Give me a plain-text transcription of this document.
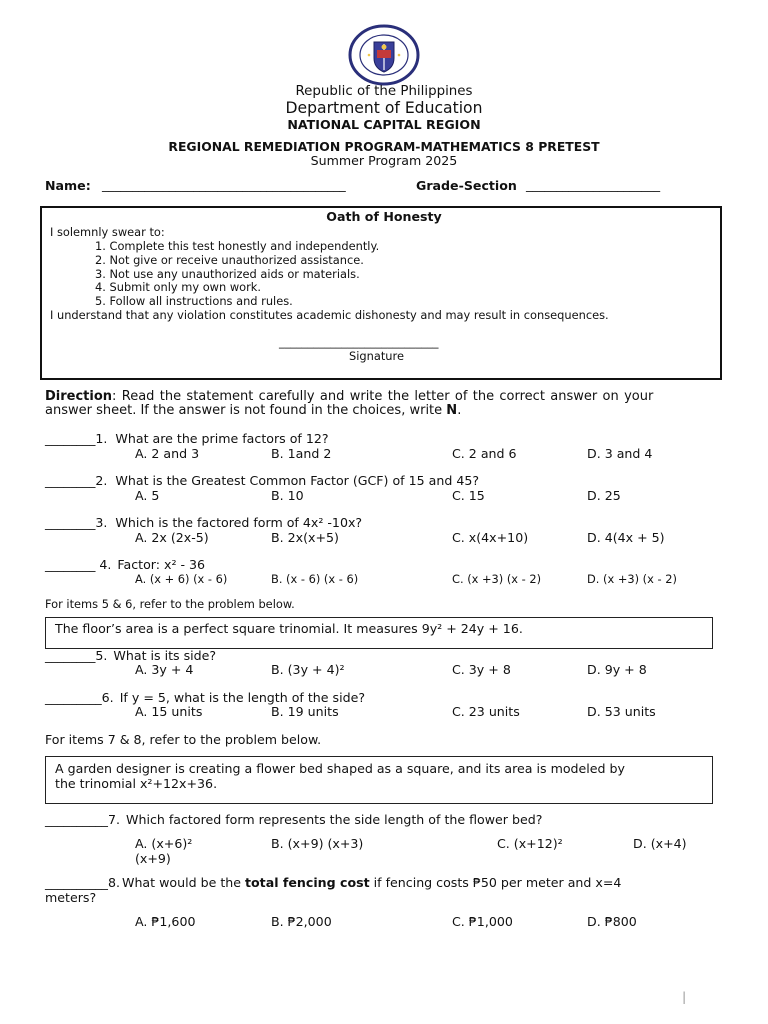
Republic of the Philippines
Department of Education
NATIONAL CAPITAL REGION
REGIONAL REMEDIATION PROGRAM-MATHEMATICS 8 PRETEST
Summer Program 2025
Name: ________________________________________	Grade-Section ______________________
Oath of Honesty
I solemnly swear to:
1. Complete this test honestly and independently.
2. Not give or receive unauthorized assistance.
3. Not use any unauthorized aids or materials.
4. Submit only my own work.
5. Follow all instructions and rules.
I understand that any violation constitutes academic dishonesty and may result in consequences.
____________________________
Signature
Direction: Read the statement carefully and write the letter of the correct answer on your
answer sheet. If the answer is not found in the choices, write N.
________1. What are the prime factors of 12?
A. 2 and 3	B. 1and 2	C. 2 and 6	D. 3 and 4
________2. What is the Greatest Common Factor (GCF) of 15 and 45?
A. 5	B. 10	C. 15	D. 25
________3. Which is the factored form of 4x² -10x?
A. 2x (2x-5)	B. 2x(x+5)	C. x(4x+10)	D. 4(4x + 5)
________ 4. Factor: x² - 36
A. (x + 6) (x - 6)	B. (x - 6) (x - 6)	C. (x +3) (x - 2)	D. (x +3) (x - 2)
For items 5 & 6, refer to the problem below.
The floor’s area is a perfect square trinomial. It measures 9y² + 24y + 16.
________5. What is its side?
A. 3y + 4	B. (3y + 4)²	C. 3y + 8	D. 9y + 8
_________6. If y = 5, what is the length of the side?
A. 15 units	B. 19 units	C. 23 units	D. 53 units
For items 7 & 8, refer to the problem below.
A garden designer is creating a flower bed shaped as a square, and its area is modeled by
the trinomial x²+12x+36.
__________7. Which factored form represents the side length of the flower bed?
A. (x+6)²	B. (x+9) (x+3)	C. (x+12)²	D. (x+4)
(x+9)
__________8. What would be the total fencing cost if fencing costs ₱50 per meter and x=4
meters?
A. ₱1,600	B. ₱2,000	C. ₱1,000	D. ₱800
|
